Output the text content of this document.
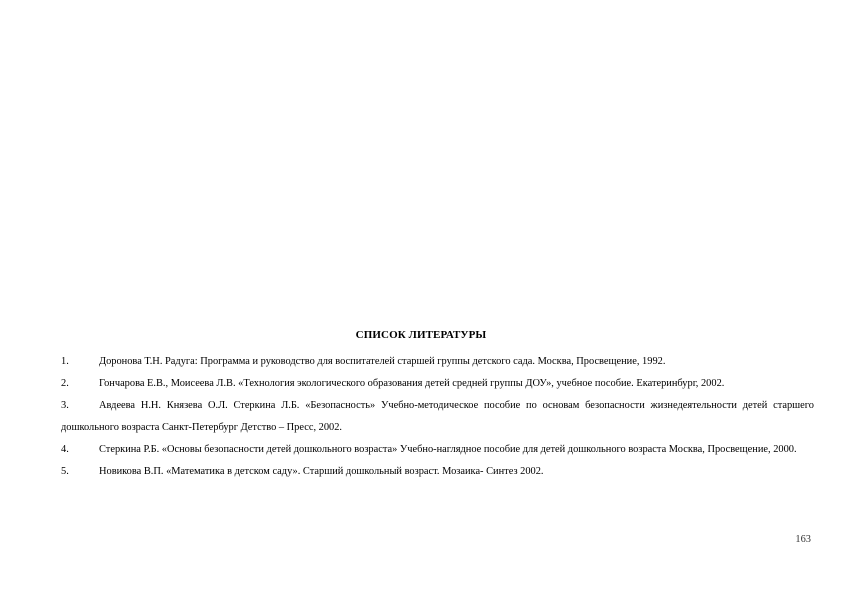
СПИСОК ЛИТЕРАТУРЫ
1.	Доронова Т.Н. Радуга: Программа и руководство для воспитателей старшей группы детского сада. Москва, Просвещение, 1992.
2.	Гончарова Е.В., Моисеева Л.В. «Технология экологического образования детей средней группы ДОУ», учебное пособие. Екатеринбург, 2002.
3.	Авдеева Н.Н. Князева О.Л. Стеркина Л.Б. «Безопасность» Учебно-методическое пособие по основам безопасности жизнедеятельности детей старшего дошкольного возраста Санкт-Петербург Детство – Пресс, 2002.
4.	Стеркина Р.Б. «Основы безопасности детей дошкольного возраста» Учебно-наглядное пособие для детей дошкольного возраста Москва, Просвещение, 2000.
5.	Новикова В.П. «Математика в детском саду». Старший дошкольный возраст. Мозаика- Синтез 2002.
163
